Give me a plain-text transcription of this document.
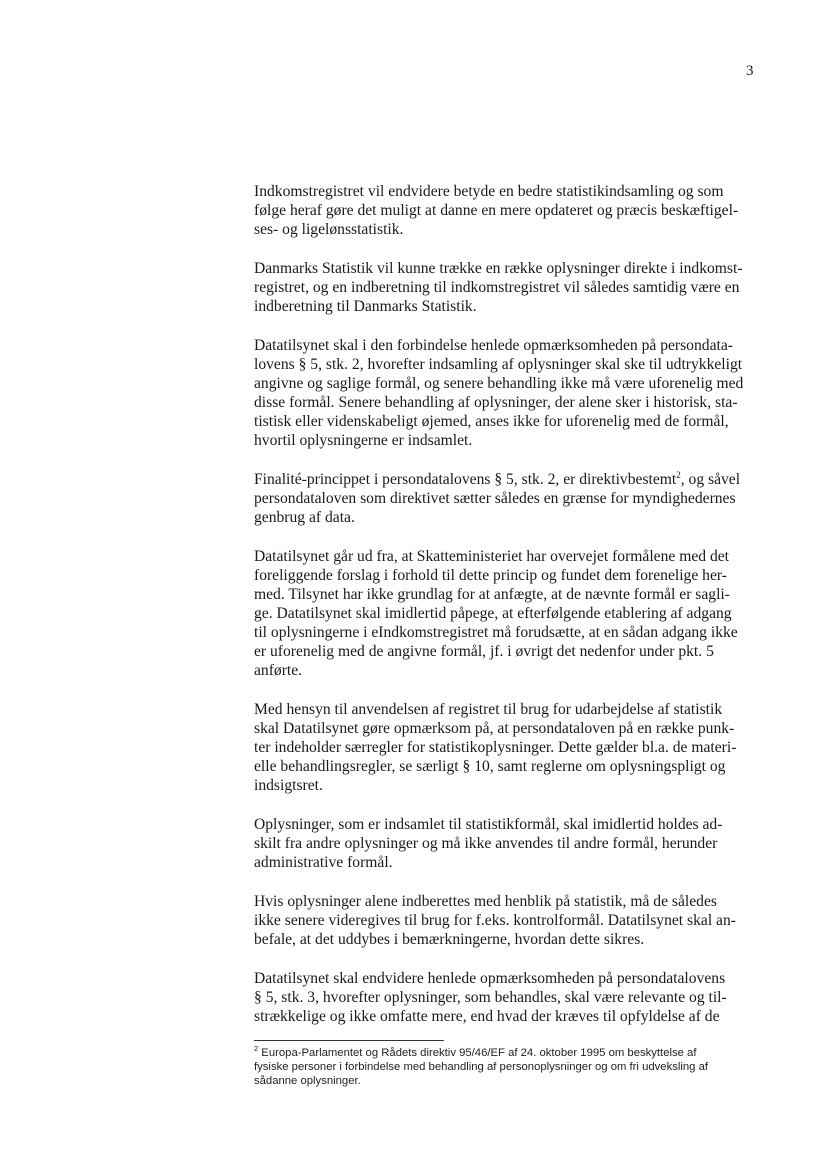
3

Indkomstregistret vil endvidere betyde en bedre statistikindsamling og som
følge heraf gøre det muligt at danne en mere opdateret og præcis beskæftigel-
ses- og ligelønsstatistik.

Danmarks Statistik vil kunne trække en række oplysninger direkte i indkomst-
registret, og en indberetning til indkomstregistret vil således samtidig være en
indberetning til Danmarks Statistik.

Datatilsynet skal i den forbindelse henlede opmærksomheden på persondata-
lovens § 5, stk. 2, hvorefter indsamling af oplysninger skal ske til udtrykkeligt
angivne og saglige formål, og senere behandling ikke må være uforenelig med
disse formål. Senere behandling af oplysninger, der alene sker i historisk, sta-
tistisk eller videnskabeligt øjemed, anses ikke for uforenelig med de formål,
hvortil oplysningerne er indsamlet.

Finalité-princippet i persondatalovens § 5, stk. 2, er direktivbestemt$^2$, og såvel
persondataloven som direktivet sætter således en grænse for myndighedernes
genbrug af data.

Datatilsynet går ud fra, at Skatteministeriet har overvejet formålene med det
foreliggende forslag i forhold til dette princip og fundet dem forenelige her-
med. Tilsynet har ikke grundlag for at anfægte, at de nævnte formål er sagli-
ge. Datatilsynet skal imidlertid påpege, at efterfølgende etablering af adgang
til oplysningerne i eIndkomstregistret må forudsætte, at en sådan adgang ikke
er uforenelig med de angivne formål, jf. i øvrigt det nedenfor under pkt. 5
anførte.

Med hensyn til anvendelsen af registret til brug for udarbejdelse af statistik
skal Datatilsynet gøre opmærksom på, at persondataloven på en række punk-
ter indeholder særregler for statistikoplysninger. Dette gælder bl.a. de materi-
elle behandlingsregler, se særligt § 10, samt reglerne om oplysningspligt og
indsigtsret.

Oplysninger, som er indsamlet til statistikformål, skal imidlertid holdes ad-
skilt fra andre oplysninger og må ikke anvendes til andre formål, herunder
administrative formål.

Hvis oplysninger alene indberettes med henblik på statistik, må de således
ikke senere videregives til brug for f.eks. kontrolformål. Datatilsynet skal an-
befale, at det uddybes i bemærkningerne, hvordan dette sikres.

Datatilsynet skal endvidere henlede opmærksomheden på persondatalovens
§ 5, stk. 3, hvorefter oplysninger, som behandles, skal være relevante og til-
strækkelige og ikke omfatte mere, end hvad der kræves til opfyldelse af de

$^2$ Europa-Parlamentet og Rådets direktiv 95/46/EF af 24. oktober 1995 om beskyttelse af
fysiske personer i forbindelse med behandling af personoplysninger og om fri udveksling af
sådanne oplysninger.
